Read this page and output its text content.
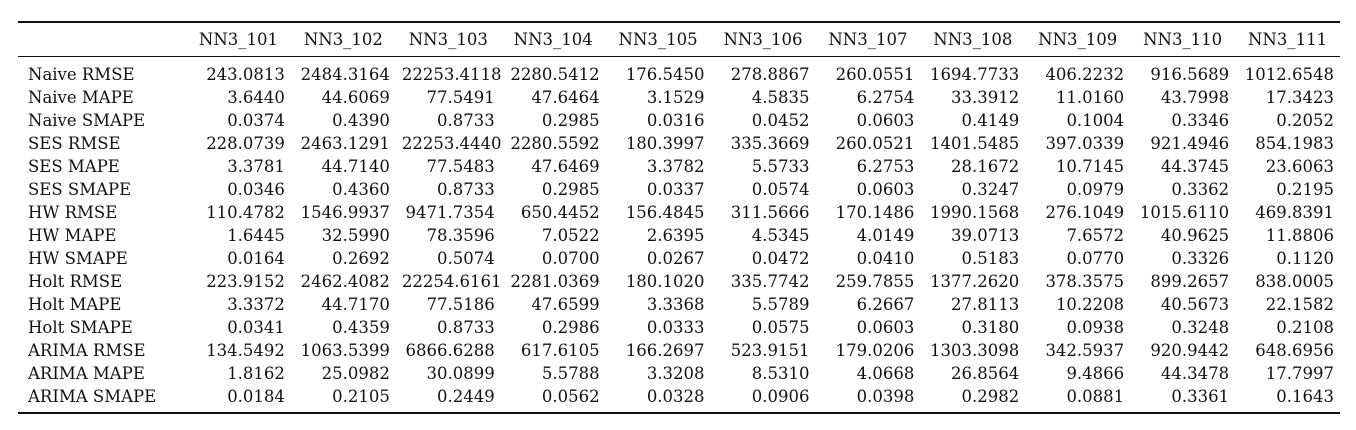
	NN3_101	NN3_102	NN3_103	NN3_104	NN3_105	NN3_106	NN3_107	NN3_108	NN3_109	NN3_110	NN3_111
Naive RMSE	243.0813	2484.3164	22253.4118	2280.5412	176.5450	278.8867	260.0551	1694.7733	406.2232	916.5689	1012.6548
Naive MAPE	3.6440	44.6069	77.5491	47.6464	3.1529	4.5835	6.2754	33.3912	11.0160	43.7998	17.3423
Naive SMAPE	0.0374	0.4390	0.8733	0.2985	0.0316	0.0452	0.0603	0.4149	0.1004	0.3346	0.2052
SES RMSE	228.0739	2463.1291	22253.4440	2280.5592	180.3997	335.3669	260.0521	1401.5485	397.0339	921.4946	854.1983
SES MAPE	3.3781	44.7140	77.5483	47.6469	3.3782	5.5733	6.2753	28.1672	10.7145	44.3745	23.6063
SES SMAPE	0.0346	0.4360	0.8733	0.2985	0.0337	0.0574	0.0603	0.3247	0.0979	0.3362	0.2195
HW RMSE	110.4782	1546.9937	9471.7354	650.4452	156.4845	311.5666	170.1486	1990.1568	276.1049	1015.6110	469.8391
HW MAPE	1.6445	32.5990	78.3596	7.0522	2.6395	4.5345	4.0149	39.0713	7.6572	40.9625	11.8806
HW SMAPE	0.0164	0.2692	0.5074	0.0700	0.0267	0.0472	0.0410	0.5183	0.0770	0.3326	0.1120
Holt RMSE	223.9152	2462.4082	22254.6161	2281.0369	180.1020	335.7742	259.7855	1377.2620	378.3575	899.2657	838.0005
Holt MAPE	3.3372	44.7170	77.5186	47.6599	3.3368	5.5789	6.2667	27.8113	10.2208	40.5673	22.1582
Holt SMAPE	0.0341	0.4359	0.8733	0.2986	0.0333	0.0575	0.0603	0.3180	0.0938	0.3248	0.2108
ARIMA RMSE	134.5492	1063.5399	6866.6288	617.6105	166.2697	523.9151	179.0206	1303.3098	342.5937	920.9442	648.6956
ARIMA MAPE	1.8162	25.0982	30.0899	5.5788	3.3208	8.5310	4.0668	26.8564	9.4866	44.3478	17.7997
ARIMA SMAPE	0.0184	0.2105	0.2449	0.0562	0.0328	0.0906	0.0398	0.2982	0.0881	0.3361	0.1643
